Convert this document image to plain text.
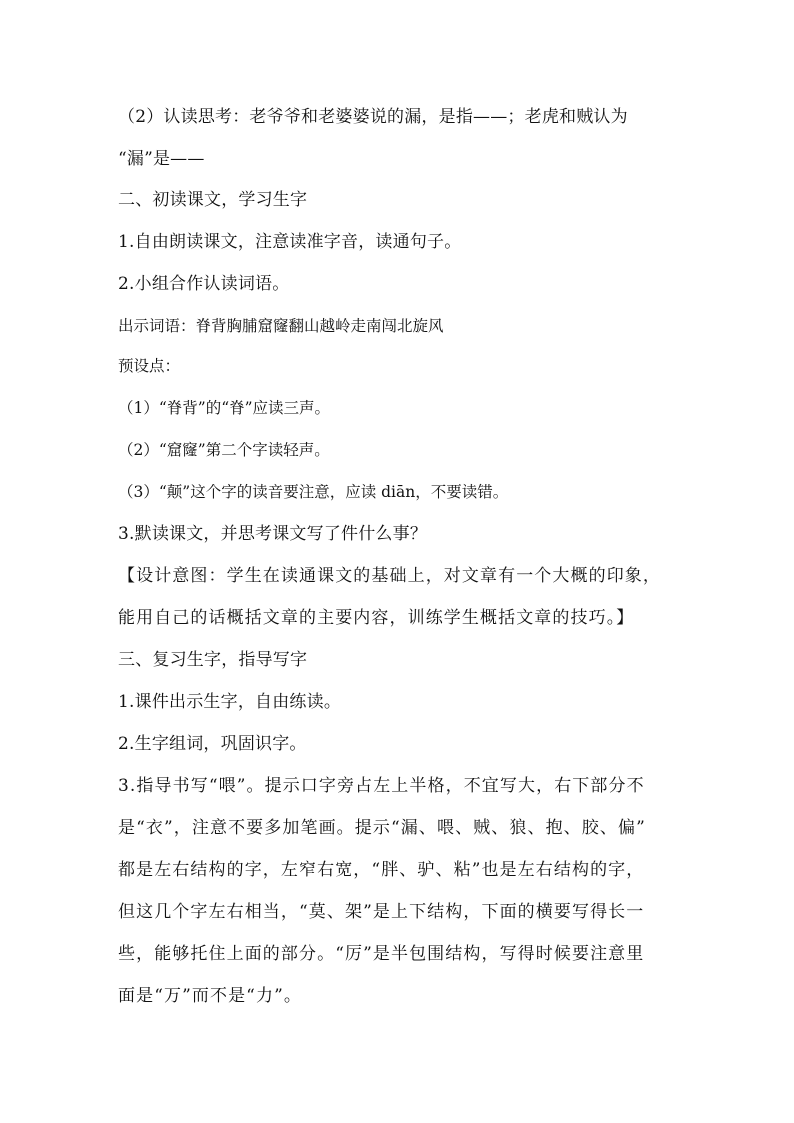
（2）认读思考：老爷爷和老婆婆说的漏，是指——；老虎和贼认为
“漏”是——
二、初读课文，学习生字
1.自由朗读课文，注意读准字音，读通句子。
2.小组合作认读词语。
出示词语：脊背胸脯窟窿翻山越岭走南闯北旋风
预设点：
（1）“脊背”的“脊”应读三声。
（2）“窟窿”第二个字读轻声。
（3）“颠”这个字的读音要注意，应读 diān，不要读错。
3.默读课文，并思考课文写了件什么事？
【设计意图：学生在读通课文的基础上，对文章有一个大概的印象，
能用自己的话概括文章的主要内容，训练学生概括文章的技巧。】
三、复习生字，指导写字
1.课件出示生字，自由练读。
2.生字组词，巩固识字。
3.指导书写“喂”。提示口字旁占左上半格，不宜写大，右下部分不
是“衣”，注意不要多加笔画。提示“漏、喂、贼、狼、抱、胶、偏”
都是左右结构的字，左窄右宽，“胖、驴、粘”也是左右结构的字，
但这几个字左右相当，“莫、架”是上下结构，下面的横要写得长一
些，能够托住上面的部分。“厉”是半包围结构，写得时候要注意里
面是“万”而不是“力”。
